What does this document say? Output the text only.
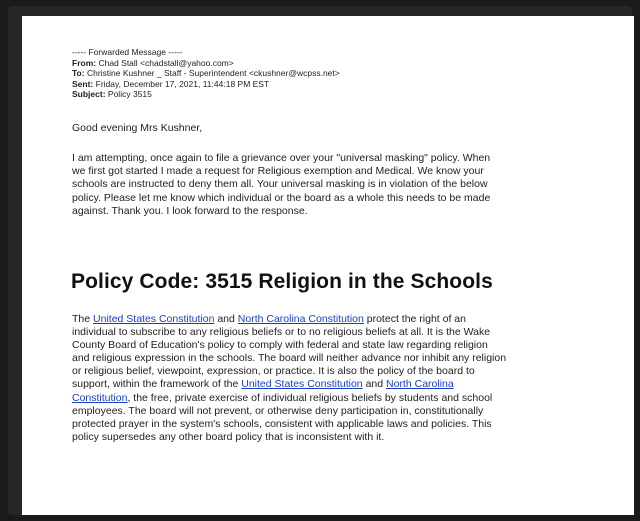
----- Forwarded Message -----
From: Chad Stall <chadstall@yahoo.com>
To: Christine Kushner _ Staff - Superintendent <ckushner@wcpss.net>
Sent: Friday, December 17, 2021, 11:44:18 PM EST
Subject: Policy 3515
Good evening Mrs Kushner,
I am attempting, once again to file a grievance over your "universal masking" policy. When
we first got started I made a request for Religious exemption and Medical. We know your
schools are instructed to deny them all. Your universal masking is in violation of the below
policy. Please let me know which individual or the board as a whole this needs to be made
against. Thank you. I look forward to the response.
Policy Code: 3515 Religion in the Schools
The United States Constitution and North Carolina Constitution protect the right of an
individual to subscribe to any religious beliefs or to no religious beliefs at all. It is the Wake
County Board of Education's policy to comply with federal and state law regarding religion
and religious expression in the schools. The board will neither advance nor inhibit any religion
or religious belief, viewpoint, expression, or practice. It is also the policy of the board to
support, within the framework of the United States Constitution and North Carolina
Constitution, the free, private exercise of individual religious beliefs by students and school
employees. The board will not prevent, or otherwise deny participation in, constitutionally
protected prayer in the system's schools, consistent with applicable laws and policies. This
policy supersedes any other board policy that is inconsistent with it.
